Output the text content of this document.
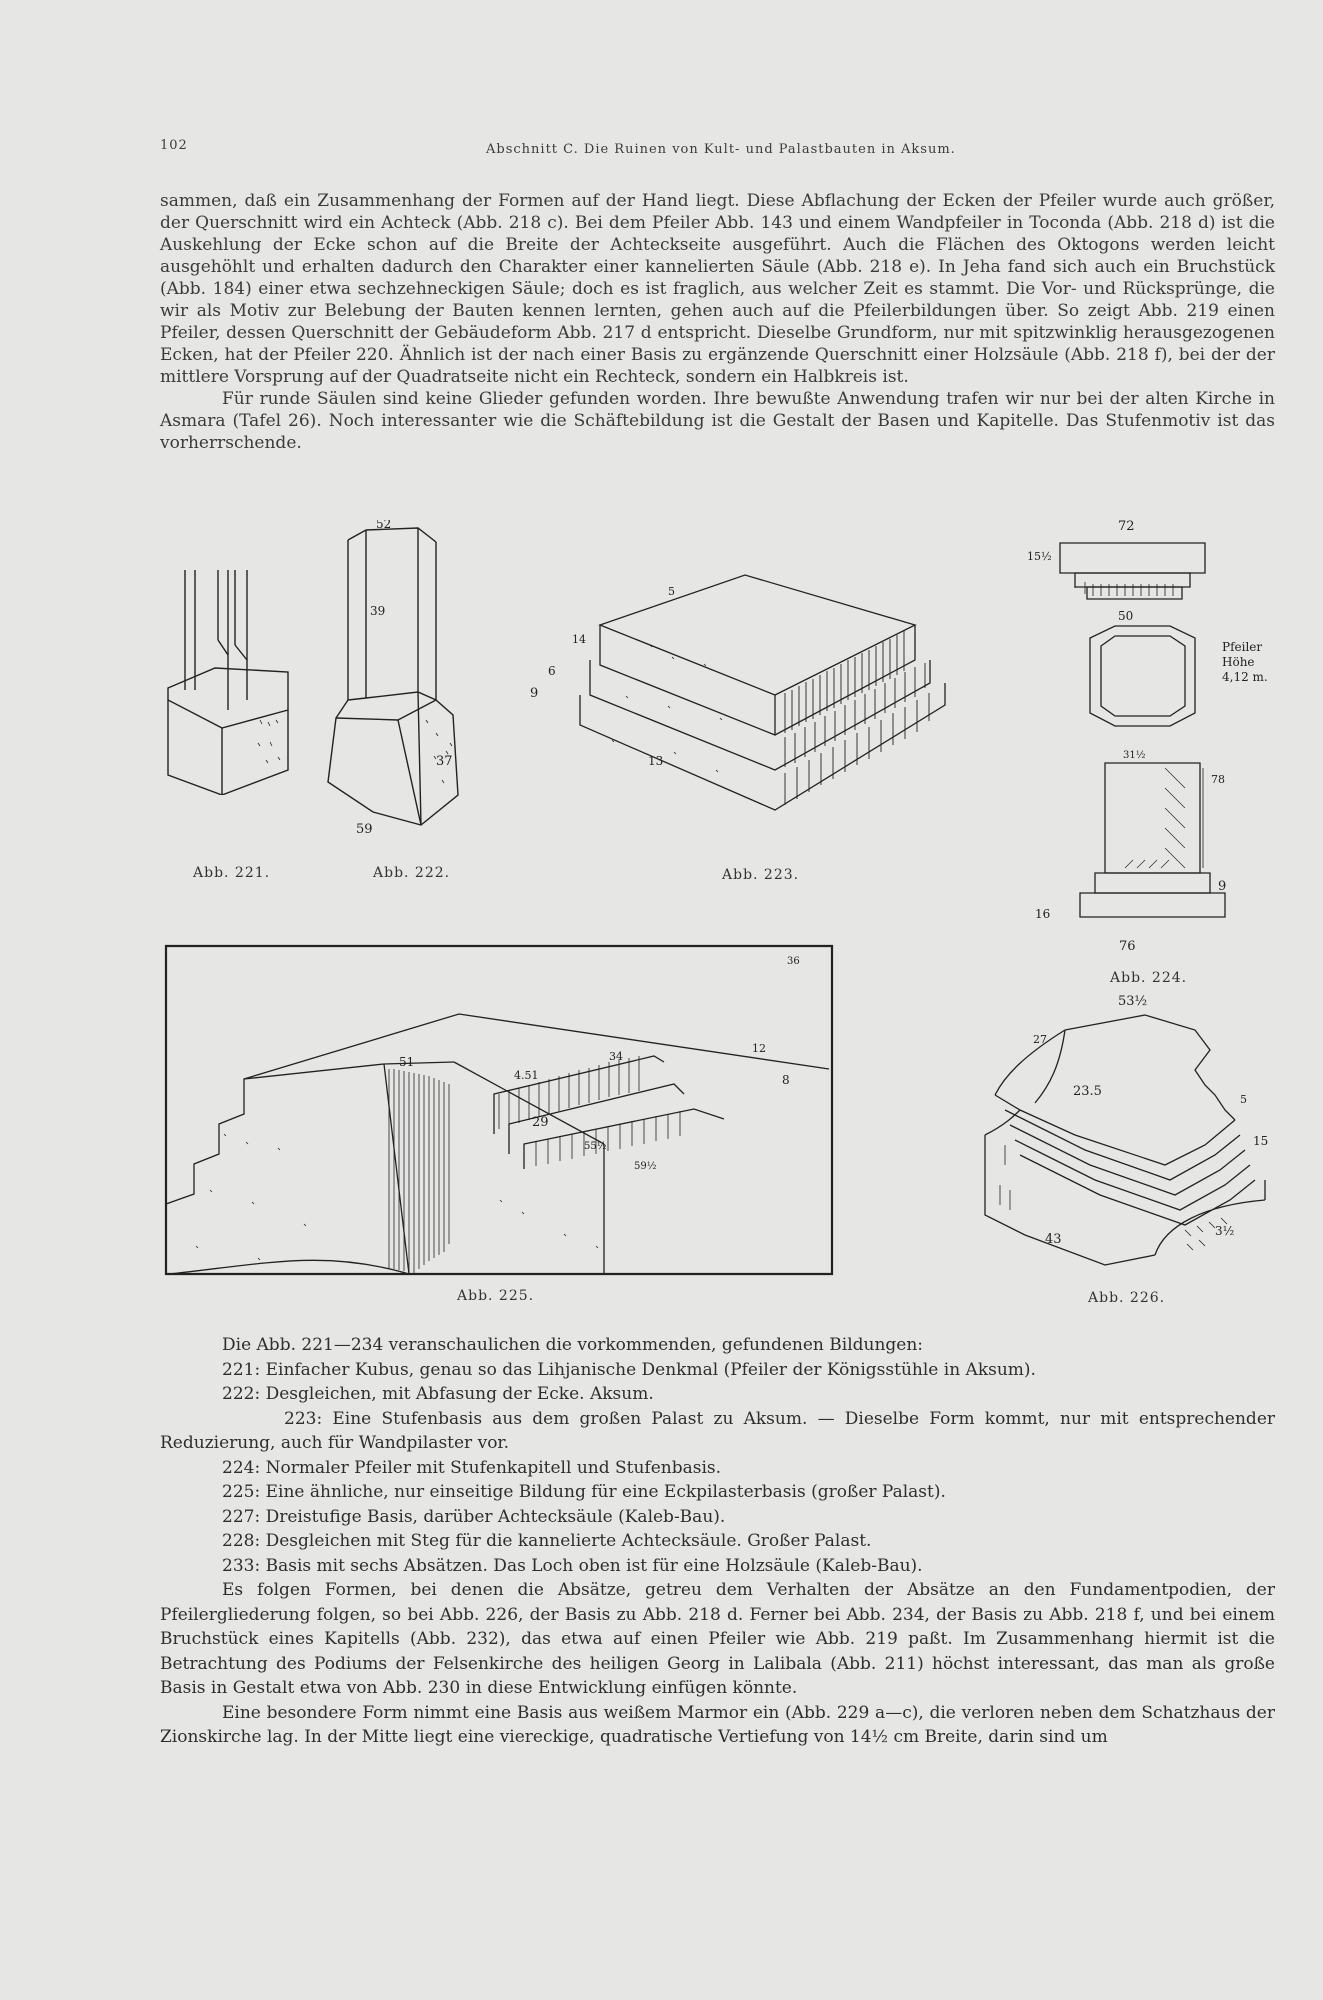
102	Abschnitt C. Die Ruinen von Kult- und Palastbauten in Aksum.

sammen, daß ein Zusammenhang der Formen auf der Hand liegt. Diese Abflachung der Ecken der Pfeiler wurde auch größer, der Querschnitt wird ein Achteck (Abb. 218 c). Bei dem Pfeiler Abb. 143 und einem Wandpfeiler in Toconda (Abb. 218 d) ist die Auskehlung der Ecke schon auf die Breite der Achteckseite ausgeführt. Auch die Flächen des Oktogons werden leicht ausgehöhlt und erhalten dadurch den Charakter einer kannelierten Säule (Abb. 218 e). In Jeha fand sich auch ein Bruchstück (Abb. 184) einer etwa sechzehneckigen Säule; doch es ist fraglich, aus welcher Zeit es stammt. Die Vor- und Rücksprünge, die wir als Motiv zur Belebung der Bauten kennen lernten, gehen auch auf die Pfeilerbildungen über. So zeigt Abb. 219 einen Pfeiler, dessen Querschnitt der Gebäudeform Abb. 217 d entspricht. Dieselbe Grundform, nur mit spitzwinklig herausgezogenen Ecken, hat der Pfeiler 220. Ähnlich ist der nach einer Basis zu ergänzende Querschnitt einer Holzsäule (Abb. 218 f), bei der der mittlere Vorsprung auf der Quadratseite nicht ein Rechteck, sondern ein Halbkreis ist.

Für runde Säulen sind keine Glieder gefunden worden. Ihre bewußte Anwendung trafen wir nur bei der alten Kirche in Asmara (Tafel 26). Noch interessanter wie die Schäftebildung ist die Gestalt der Basen und Kapitelle. Das Stufenmotiv ist das vorherrschende.

Abb. 221.
52
39
37
59
Abb. 222.
5
14
6
9
13
Abb. 223.
72
15½
50
31½
78
9
16
76
Pfeiler
Höhe
4,12 m.
Abb. 224.
36
51
4.51
34
12
8
29
55½
59½
Abb. 225.
53½
27
23.5
5
15
43
3½
Abb. 226.

Die Abb. 221—234 veranschaulichen die vorkommenden, gefundenen Bildungen:

221: Einfacher Kubus, genau so das Lihjanische Denkmal (Pfeiler der Königsstühle in Aksum).

222: Desgleichen, mit Abfasung der Ecke. Aksum.

223: Eine Stufenbasis aus dem großen Palast zu Aksum. — Dieselbe Form kommt, nur mit entsprechender Reduzierung, auch für Wandpilaster vor.

224: Normaler Pfeiler mit Stufenkapitell und Stufenbasis.

225: Eine ähnliche, nur einseitige Bildung für eine Eckpilasterbasis (großer Palast).

227: Dreistufige Basis, darüber Achtecksäule (Kaleb-Bau).

228: Desgleichen mit Steg für die kannelierte Achtecksäule. Großer Palast.

233: Basis mit sechs Absätzen. Das Loch oben ist für eine Holzsäule (Kaleb-Bau).

Es folgen Formen, bei denen die Absätze, getreu dem Verhalten der Absätze an den Fundamentpodien, der Pfeilergliederung folgen, so bei Abb. 226, der Basis zu Abb. 218 d. Ferner bei Abb. 234, der Basis zu Abb. 218 f, und bei einem Bruchstück eines Kapitells (Abb. 232), das etwa auf einen Pfeiler wie Abb. 219 paßt. Im Zusammenhang hiermit ist die Betrachtung des Podiums der Felsenkirche des heiligen Georg in Lalibala (Abb. 211) höchst interessant, das man als große Basis in Gestalt etwa von Abb. 230 in diese Entwicklung einfügen könnte.

Eine besondere Form nimmt eine Basis aus weißem Marmor ein (Abb. 229 a—c), die verloren neben dem Schatzhaus der Zionskirche lag. In der Mitte liegt eine viereckige, quadratische Vertiefung von 14½ cm Breite, darin sind um
